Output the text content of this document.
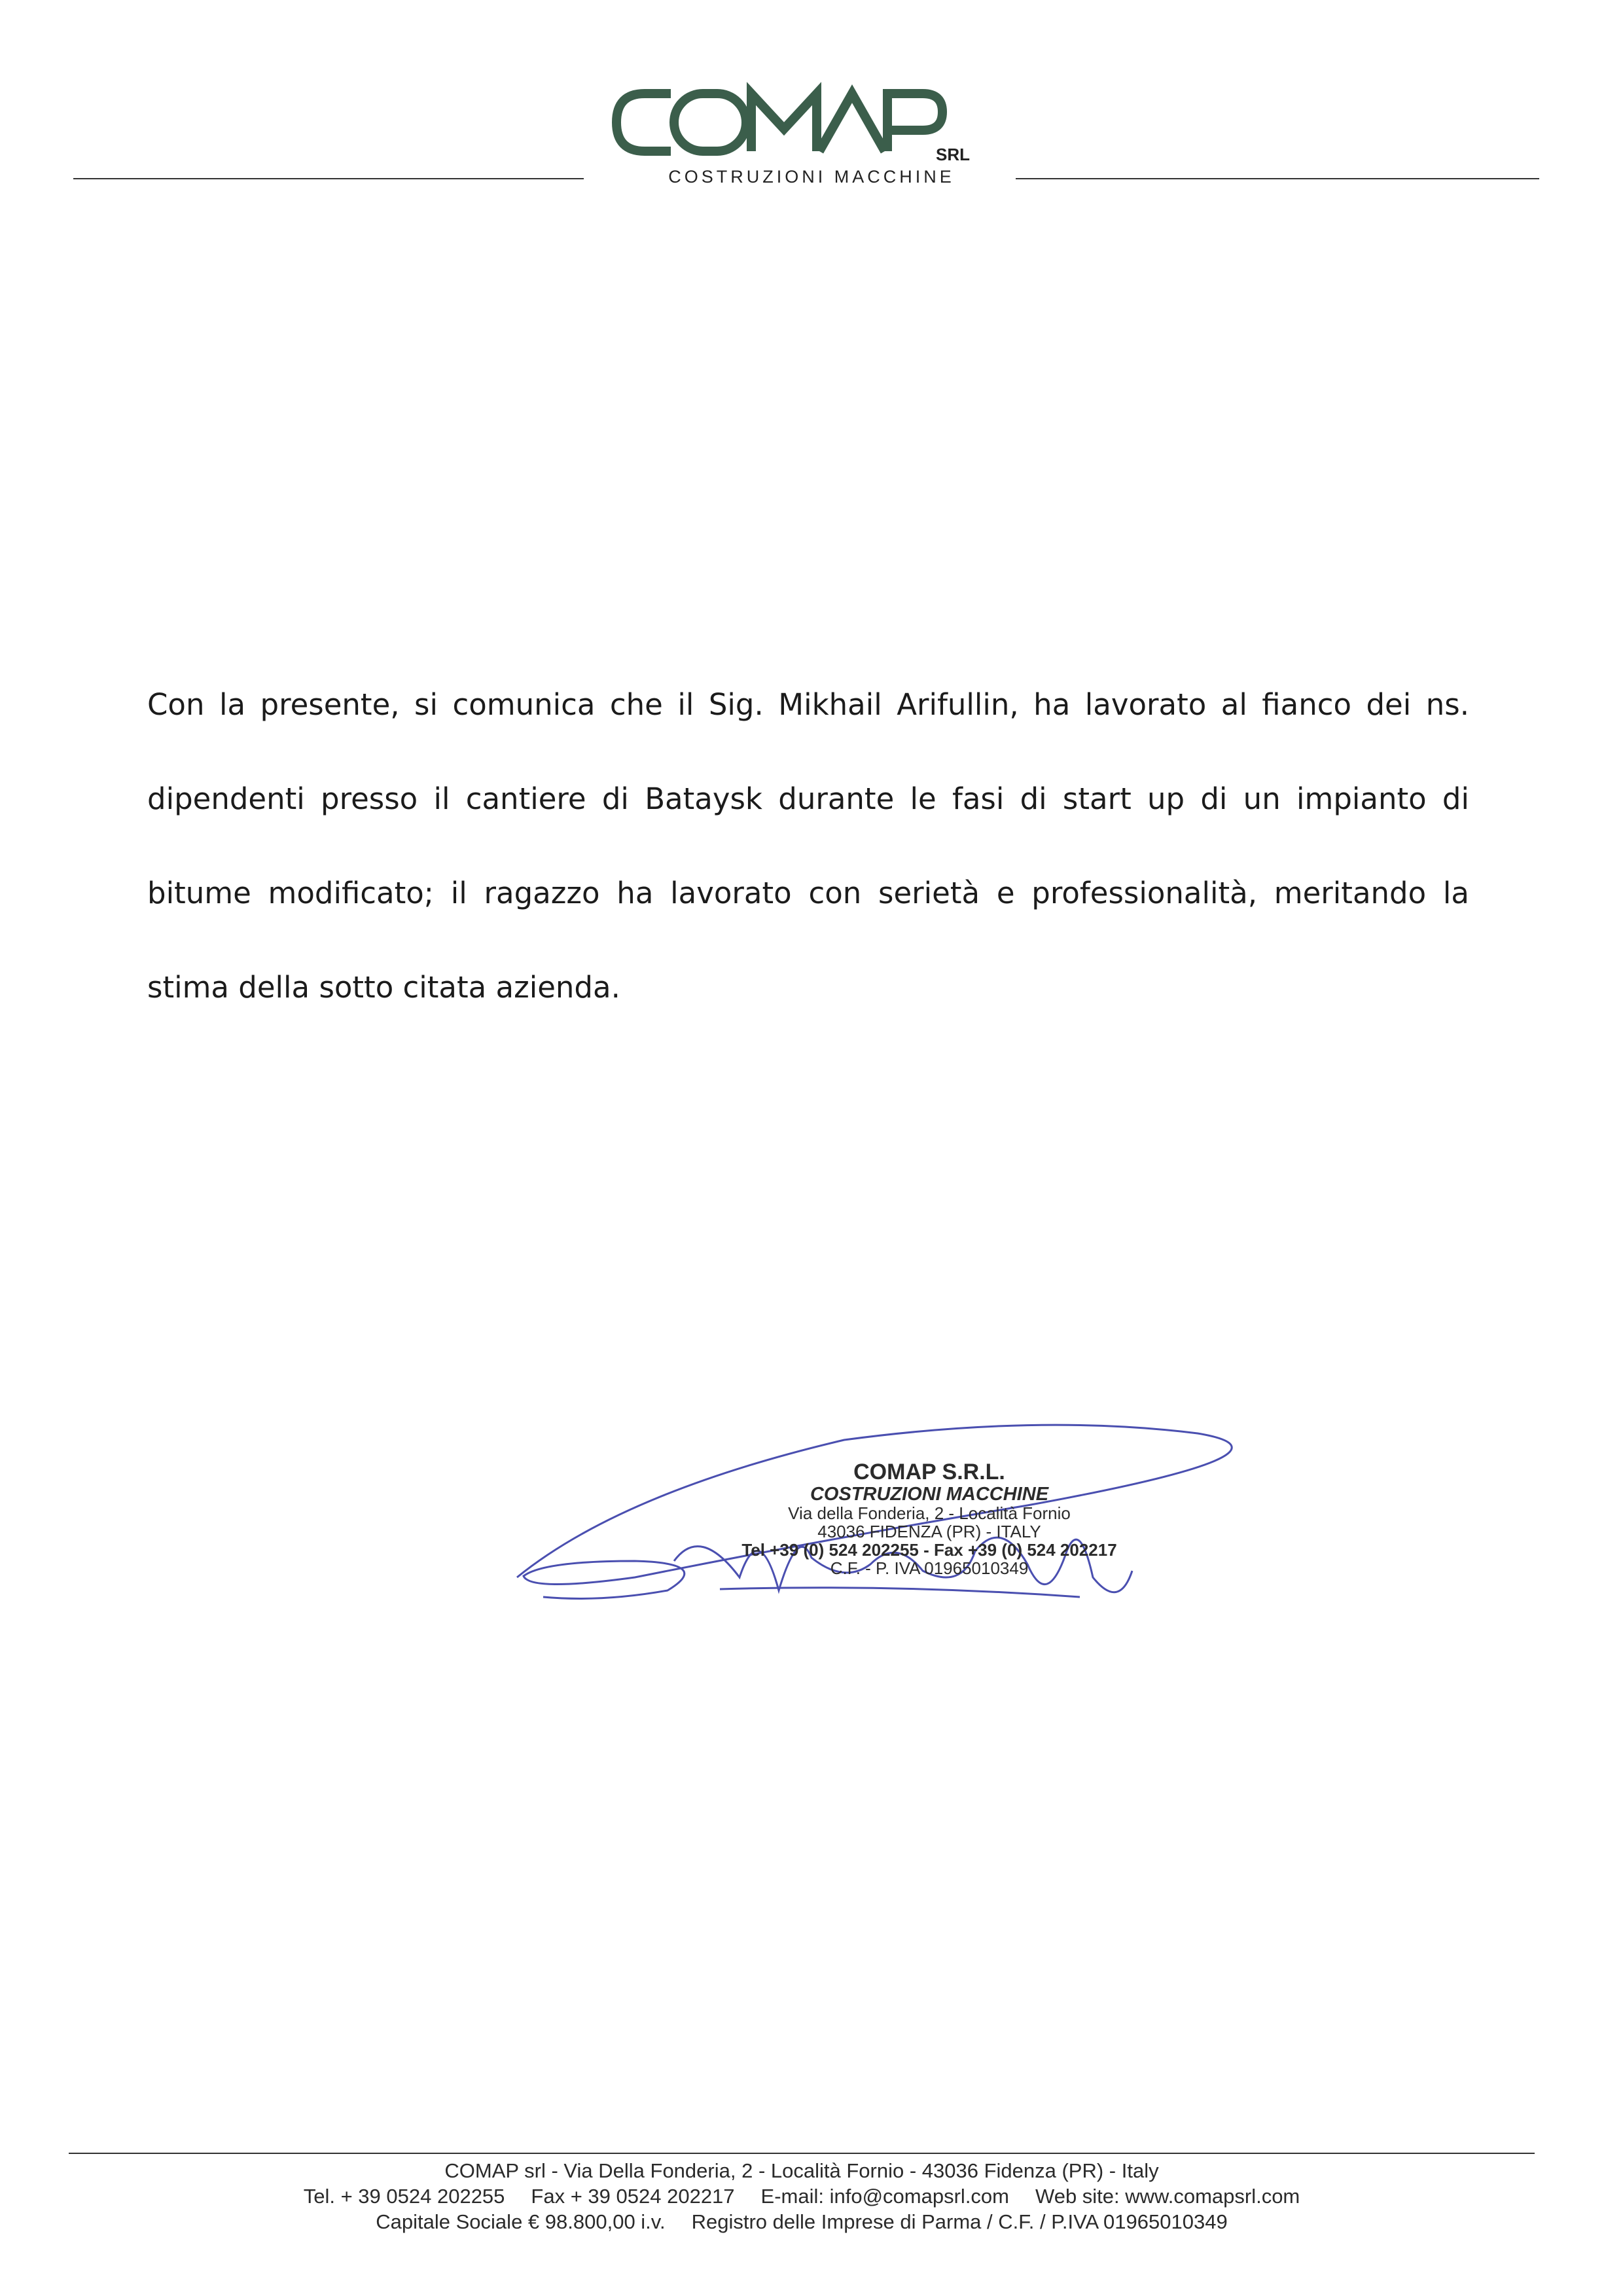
SRL
COSTRUZIONI MACCHINE

Con la presente, si comunica che il Sig. Mikhail Arifullin, ha lavorato al fianco dei ns. dipendenti presso il cantiere di Bataysk durante le fasi di start up di un impianto di bitume modificato; il ragazzo ha lavorato con serietà e professionalità, meritando la stima della sotto citata azienda.

COMAP S.R.L.
COSTRUZIONI MACCHINE
Via della Fonderia, 2 - Località Fornio
43036 FIDENZA (PR) - ITALY
Tel +39 (0) 524 202255 - Fax +39 (0) 524 202217
C.F. - P. IVA 01965010349
COMAP srl - Via Della Fonderia, 2 - Località Fornio - 43036 Fidenza (PR) - Italy
Tel. + 39 0524 202255 Fax + 39 0524 202217 E-mail: info@comapsrl.com Web site: www.comapsrl.com
Capitale Sociale € 98.800,00 i.v. Registro delle Imprese di Parma / C.F. / P.IVA 01965010349
